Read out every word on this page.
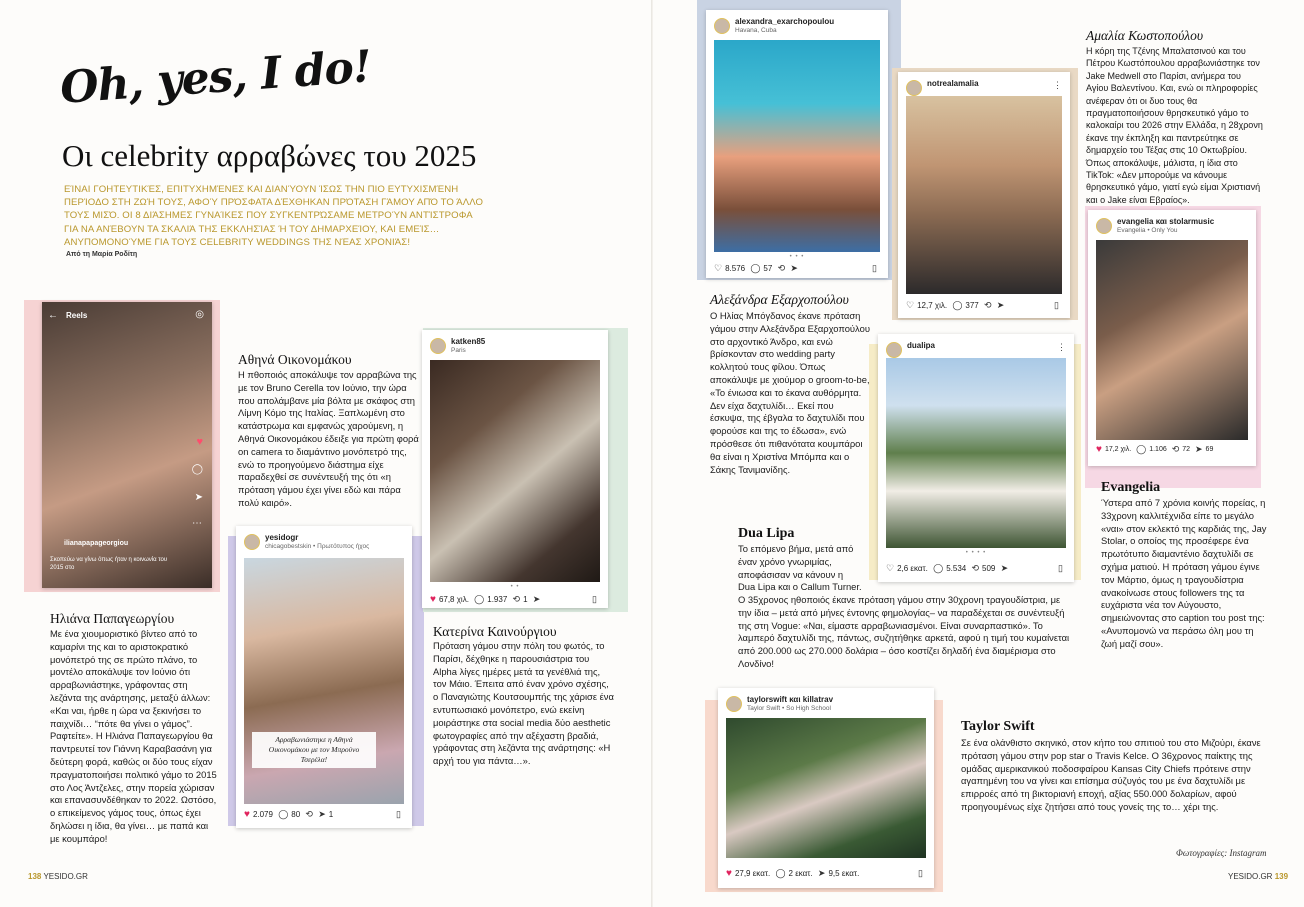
Oh, yes, I do!
Οι celebrity αρραβώνες του 2025
ΕΊΝΑΙ ΓΟΗΤΕΥΤΙΚΈΣ, ΕΠΙΤΥΧΗΜΈΝΕΣ ΚΑΙ ΔΙΑΝΎΟΥΝ ΊΣΩΣ ΤΗΝ ΠΙΟ ΕΥΤΥΧΙΣΜΈΝΗ ΠΕΡΊΟΔΟ ΣΤΗ ΖΩΉ ΤΟΥΣ, ΑΦΟΎ ΠΡΌΣΦΑΤΑ ΔΈΧΘΗΚΑΝ ΠΡΌΤΑΣΗ ΓΆΜΟΥ ΑΠΌ ΤΟ ΆΛΛΟ ΤΟΥΣ ΜΙΣΌ. ΟΙ 8 ΔΙΆΣΗΜΕΣ ΓΥΝΑΊΚΕΣ ΠΟΥ ΣΥΓΚΕΝΤΡΏΣΑΜΕ ΜΕΤΡΟΎΝ ΑΝΤΊΣΤΡΟΦΑ ΓΙΑ ΝΑ ΑΝΈΒΟΥΝ ΤΑ ΣΚΑΛΙΆ ΤΗΣ ΕΚΚΛΗΣΊΑΣ Ή ΤΟΥ ΔΗΜΑΡΧΕΊΟΥ, ΚΑΙ ΕΜΕΊΣ… ΑΝΥΠΟΜΟΝΟΎΜΕ ΓΙΑ ΤΟΥΣ CELEBRITY WEDDINGS ΤΗΣ ΝΈΑΣ ΧΡΟΝΙΆΣ!
Από τη Μαρία Ροδίτη
← Reels	◎
♥
◯
➤
⋯
ilianapapageorgiou
Σκοπεύω να γίνω όπως ήταν η κοινωνία του 2015 στο
Αθηνά Οικονομάκου
Η πθοποιός αποκάλυψε τον αρραβώνα της με τον Bruno Cerella τον Ιούνιο, την ώρα που απολάμβανε μία βόλτα με σκάφος στη Λίμνη Κόμο της Ιταλίας. Ξαπλωμένη στο κατάστρωμα και εμφανώς χαρούμενη, η Αθηνά Οικονομάκου έδειξε για πρώτη φορά on camera το διαμάντινο μονόπετρό της, ενώ το προηγούμενο διάστημα είχε παραδεχθεί σε συνέντευξή της ότι «η πρόταση γάμου έχει γίνει εδώ και πάρα πολύ καιρό».
katken85
Paris
• •
♥ 67,8 χιλ. ◯ 1.937 ⟲ 1 ➤	▯
yesidogr
chicagobestskin • Πρωτότυπος ήχος
Αρραβωνιάστηκε η Αθηνά Οικονομάκου με τον Μπρούνο Τσερέλα!
♥ 2.079 ◯ 80 ⟲ ➤ 1	▯
Ηλιάνα Παπαγεωργίου
Με ένα χιουμοριστικό βίντεο από το καμαρίνι της και το αριστοκρατικό μονόπετρό της σε πρώτο πλάνο, το μοντέλο αποκάλυψε τον Ιούνιο ότι αρραβωνιάστηκε, γράφοντας στη λεζάντα της ανάρτησης, μεταξύ άλλων: «Και ναι, ήρθε η ώρα να ξεκινήσει το παιχνίδι… “πότε θα γίνει ο γάμος”. Ραφτείτε». Η Ηλιάνα Παπαγεωργίου θα παντρευτεί τον Γιάννη Καραβασάνη για δεύτερη φορά, καθώς οι δύο τους είχαν πραγματοποιήσει πολιτικό γάμο το 2015 στο Λος Άντζελες, στην πορεία χώρισαν και επανασυνδέθηκαν το 2022. Ωστόσο, ο επικείμενος γάμος τους, όπως έχει δηλώσει η ίδια, θα γίνει… με παπά και με κουμπάρο!
Κατερίνα Καινούργιου
Πρόταση γάμου στην πόλη του φωτός, το Παρίσι, δέχθηκε η παρουσιάστρια του Alpha λίγες ημέρες μετά τα γενέθλιά της, τον Μάιο. Έπειτα από έναν χρόνο σχέσης, ο Παναγιώτης Κουτσουμπής της χάρισε ένα εντυπωσιακό μονόπετρο, ενώ εκείνη μοιράστηκε στα social media δύο aesthetic φωτογραφίες από την αξέχαστη βραδιά, γράφοντας στη λεζάντα της ανάρτησης: «Η αρχή του για πάντα…».
138 YESIDO.GR
alexandra_exarchopoulou
Havana, Cuba
• • •
♡ 8.576 ◯ 57 ⟲ ➤	▯
notrealamalia	⋮
♡ 12,7 χιλ. ◯ 377 ⟲ ➤	▯
Αμαλία Κωστοπούλου
Η κόρη της Τζένης Μπαλατσινού και του Πέτρου Κωστόπουλου αρραβωνιάστηκε τον Jake Medwell στο Παρίσι, ανήμερα του Αγίου Βαλεντίνου. Και, ενώ οι πληροφορίες ανέφεραν ότι οι δυο τους θα πραγματοποιήσουν θρησκευτικό γάμο το καλοκαίρι του 2026 στην Ελλάδα, η 28χρονη έκανε την έκπληξη και παντρεύτηκε σε δημαρχείο του Τέξας στις 10 Οκτωβρίου. Όπως αποκάλυψε, μάλιστα, η ίδια στο TikTok: «Δεν μπορούμε να κάνουμε θρησκευτικό γάμο, γιατί εγώ είμαι Χριστιανή και ο Jake είναι Εβραίος».
Αλεξάνδρα Εξαρχοπούλου
Ο Ηλίας Μπόγδανος έκανε πρόταση γάμου στην Αλεξάνδρα Εξαρχοπούλου στο αρχοντικό Άνδρο, και ενώ βρίσκονταν στο wedding party κολλητού τους φίλου. Όπως αποκάλυψε με χιούμορ ο groom-to-be, «Το ένιωσα και το έκανα αυθόρμητα. Δεν είχα δαχτυλίδι… Εκεί που έσκυψα, της έβγαλα το δαχτυλίδι που φορούσε και της το έδωσα», ενώ πρόσθεσε ότι πιθανότατα κουμπάροι θα είναι η Χριστίνα Μπόμπα και ο Σάκης Τανιμανίδης.
evangelia και stolarmusic
Evangelia • Only You
♥ 17,2 χιλ. ◯ 1.106 ⟲ 72 ➤ 69
dualipa	⋮
• • • •
♡ 2,6 εκατ. ◯ 5.534 ⟲ 509 ➤	▯
Evangelia
Ύστερα από 7 χρόνια κοινής πορείας, η 33χρονη καλλιτέχνιδα είπε το μεγάλο «ναι» στον εκλεκτό της καρδιάς της, Jay Stolar, ο οποίος της προσέφερε ένα πρωτότυπο διαμαντένιο δαχτυλίδι σε σχήμα ματιού. Η πρόταση γάμου έγινε τον Μάρτιο, όμως η τραγουδίστρια ανακοίνωσε στους followers της τα ευχάριστα νέα τον Αύγουστο, σημειώνοντας στο caption του post της: «Ανυπομονώ να περάσω όλη μου τη ζωή μαζί σου».
Dua Lipa
Το επόμενο βήμα, μετά από έναν χρόνο γνωριμίας, αποφάσισαν να κάνουν η Dua Lipa και ο Callum Turner.
Ο 35χρονος ηθοποιός έκανε πρόταση γάμου στην 30χρονη τραγουδίστρια, με την ίδια – μετά από μήνες έντονης φημολογίας– να παραδέχεται σε συνέντευξή της στη Vogue: «Ναι, είμαστε αρραβωνιασμένοι. Είναι συναρπαστικό». Το λαμπερό δαχτυλίδι της, πάντως, συζητήθηκε αρκετά, αφού η τιμή του κυμαίνεται από 200.000 ως 270.000 δολάρια – όσο κοστίζει δηλαδή ένα διαμέρισμα στο Λονδίνο!
taylorswift και killatrav
Taylor Swift • So High School
♥ 27,9 εκατ. ◯ 2 εκατ. ➤ 9,5 εκατ.	▯
Taylor Swift
Σε ένα ολάνθιστο σκηνικό, στον κήπο του σπιτιού του στο Μιζούρι, έκανε πρόταση γάμου στην pop star ο Travis Kelce. Ο 36χρονος παίκτης της ομάδας αμερικανικού ποδοσφαίρου Kansas City Chiefs πρότεινε στην αγαπημένη του να γίνει και επίσημα σύζυγός του με ένα δαχτυλίδι με επιρροές από τη βικτοριανή εποχή, αξίας 550.000 δολαρίων, αφού προηγουμένως είχε ζητήσει από τους γονείς της το… χέρι της.
Φωτογραφίες: Instagram
YESIDO.GR 139
